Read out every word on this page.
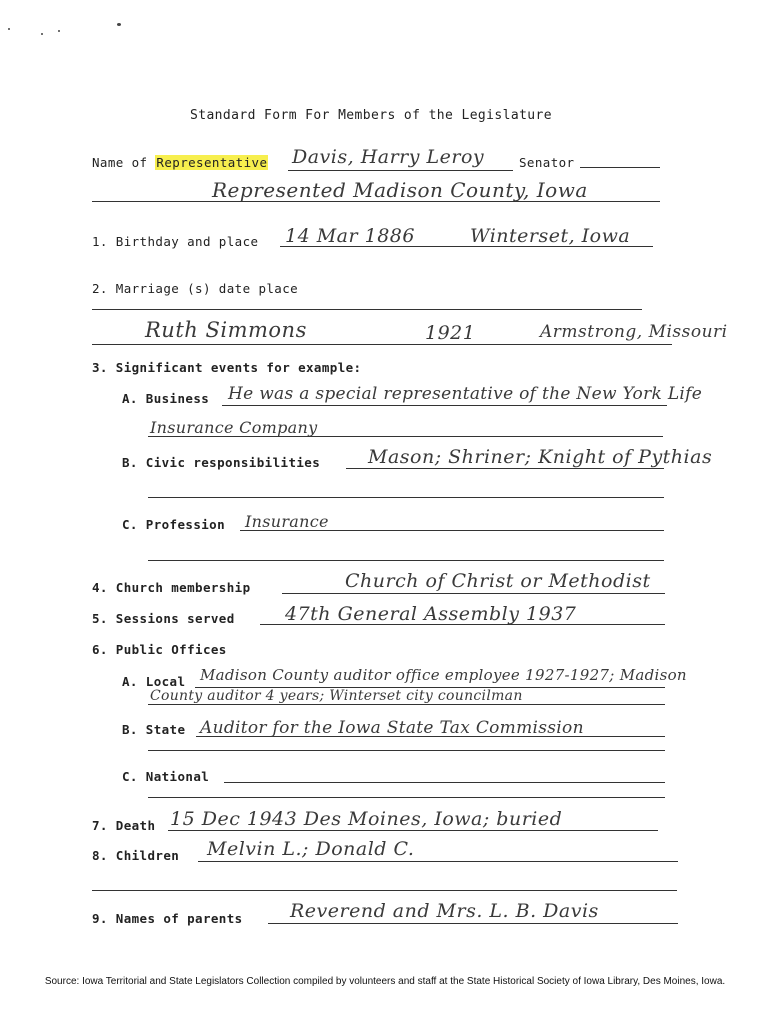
Standard Form For Members of the Legislature
Name of Representative Davis, Harry Leroy	Senator
Represented Madison County, Iowa
1. Birthday and place 14 Mar 1886	Winterset, Iowa
2. Marriage (s) date place
Ruth Simmons	1921	Armstrong, Missouri
3. Significant events for example:
A. Business He was a special representative of the New York Life
Insurance Company
B. Civic responsibilities	Mason; Shriner; Knight of Pythias
C. Profession Insurance
4. Church membership	Church of Christ or Methodist
5. Sessions served	47th General Assembly 1937
6. Public Offices
A. Local Madison County auditor office employee 1927-1927; Madison
County auditor 4 years; Winterset city councilman
B. State Auditor for the Iowa State Tax Commission
C. National
7. Death 15 Dec 1943 Des Moines, Iowa; buried
8. Children Melvin L.; Donald C.
9. Names of parents Reverend and Mrs. L. B. Davis
Source: Iowa Territorial and State Legislators Collection compiled by volunteers and staff at the State Historical Society of Iowa Library, Des Moines, Iowa.
